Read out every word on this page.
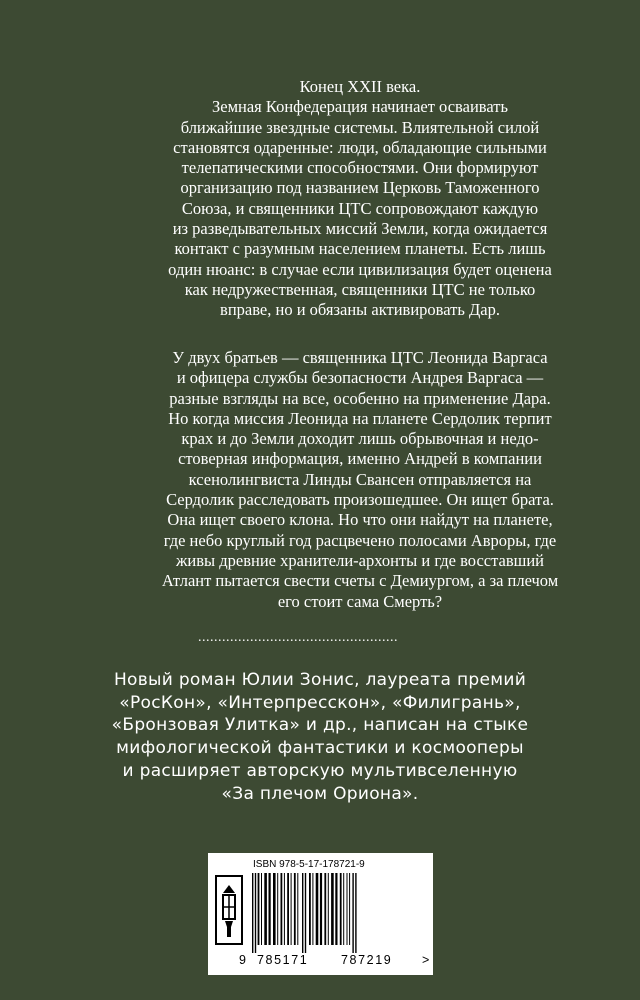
Конец XXII века.
Земная Конфедерация начинает осваивать
ближайшие звездные системы. Влиятельной силой
становятся одаренные: люди, обладающие сильными
телепатическими способностями. Они формируют
организацию под названием Церковь Таможенного
Союза, и священники ЦТС сопровождают каждую
из разведывательных миссий Земли, когда ожидается
контакт с разумным населением планеты. Есть лишь
один нюанс: в случае если цивилизация будет оценена
как недружественная, священники ЦТС не только
вправе, но и обязаны активировать Дар.
У двух братьев — священника ЦТС Леонида Варгаса
и офицера службы безопасности Андрея Варгаса —
разные взгляды на все, особенно на применение Дара.
Но когда миссия Леонида на планете Сердолик терпит
крах и до Земли доходит лишь обрывочная и недо-
стоверная информация, именно Андрей в компании
ксенолингвиста Линды Свансен отправляется на
Сердолик расследовать произошедшее. Он ищет брата.
Она ищет своего клона. Но что они найдут на планете,
где небо круглый год расцвечено полосами Авроры, где
живы древние хранители-архонты и где восставший
Атлант пытается свести счеты с Демиургом, а за плечом
его стоит сама Смерть?
..................................................
Новый роман Юлии Зонис, лауреата премий
«РосКон», «Интерпресскон», «Филигрань»,
«Бронзовая Улитка» и др., написан на стыке
мифологической фантастики и космооперы
и расширяет авторскую мультивселенную
«За плечом Ориона».
ISBN 978-5-17-178721-9
9 785171	787219 >
